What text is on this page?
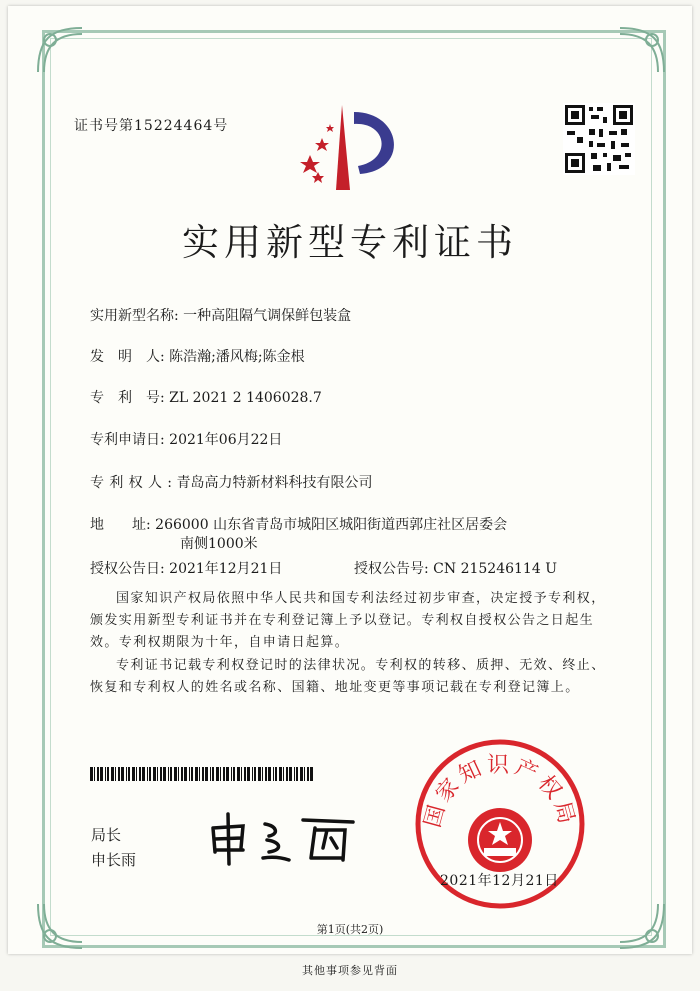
证书号第15224464号
实用新型专利证书
实用新型名称: 一种高阻隔气调保鲜包装盒
发　明　人: 陈浩瀚;潘风梅;陈金根
专　利　号: ZL 2021 2 1406028.7
专利申请日: 2021年06月22日
专利权人: 青岛高力特新材料科技有限公司
地　　址: 266000 山东省青岛市城阳区城阳街道西郭庄社区居委会
南侧1000米
授权公告日: 2021年12月21日	授权公告号: CN 215246114 U
国家知识产权局依照中华人民共和国专利法经过初步审查，决定授予专利权，颁发实用新型专利证书并在专利登记簿上予以登记。专利权自授权公告之日起生效。专利权期限为十年，自申请日起算。
专利证书记载专利权登记时的法律状况。专利权的转移、质押、无效、终止、恢复和专利权人的姓名或名称、国籍、地址变更等事项记载在专利登记簿上。
局长
申长雨
国家知识产权局
2021年12月21日
第1页(共2页)
其他事项参见背面
